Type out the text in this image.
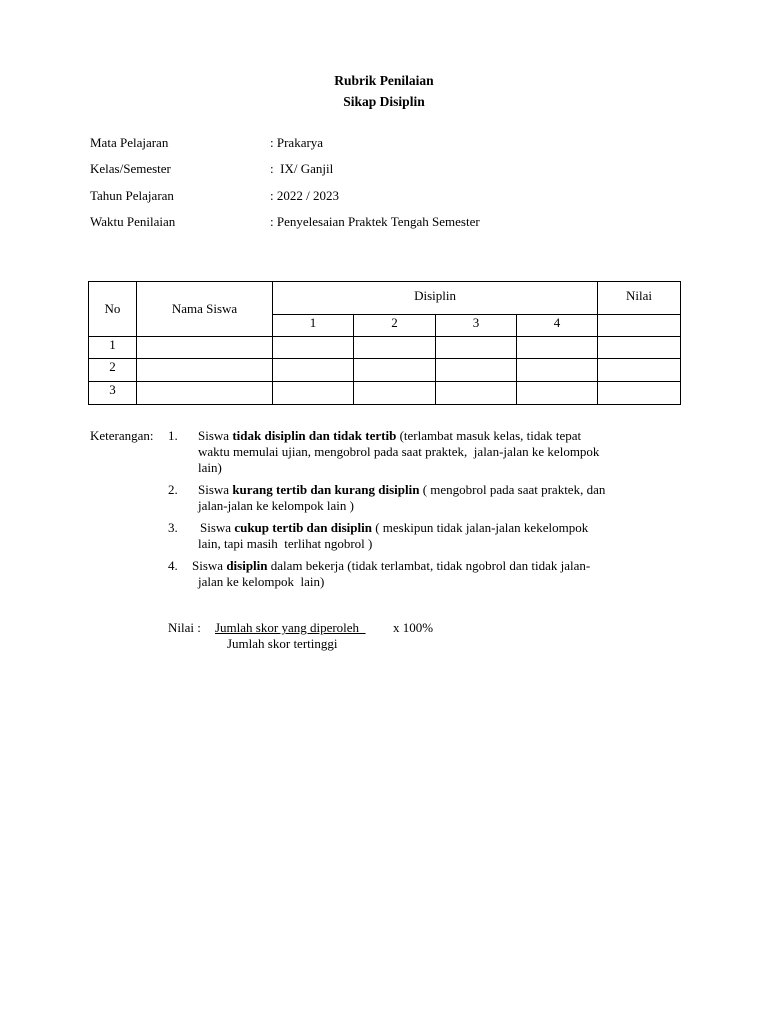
Rubrik Penilaian
Sikap Disiplin
Mata Pelajaran	: Prakarya
Kelas/Semester	:  IX/ Ganjil
Tahun Pelajaran	: 2022 / 2023
Waktu Penilaian	: Penyelesaian Praktek Tengah Semester
No	Nama Siswa	Disiplin				Nilai
		1	2	3	4	
1						
2						
3						
Keterangan: 1. Siswa tidak disiplin dan tidak tertib (terlambat masuk kelas, tidak tepat
waktu memulai ujian, mengobrol pada saat praktek,  jalan-jalan ke kelompok
lain)
2. Siswa kurang tertib dan kurang disiplin ( mengobrol pada saat praktek, dan
jalan-jalan ke kelompok lain )
3. Siswa cukup tertib dan disiplin ( meskipun tidak jalan-jalan kekelompok
lain, tapi masih  terlihat ngobrol )
4. Siswa disiplin dalam bekerja (tidak terlambat, tidak ngobrol dan tidak jalan-
jalan ke kelompok  lain)
Nilai : Jumlah skor yang diperoleh x 100%
Jumlah skor tertinggi
